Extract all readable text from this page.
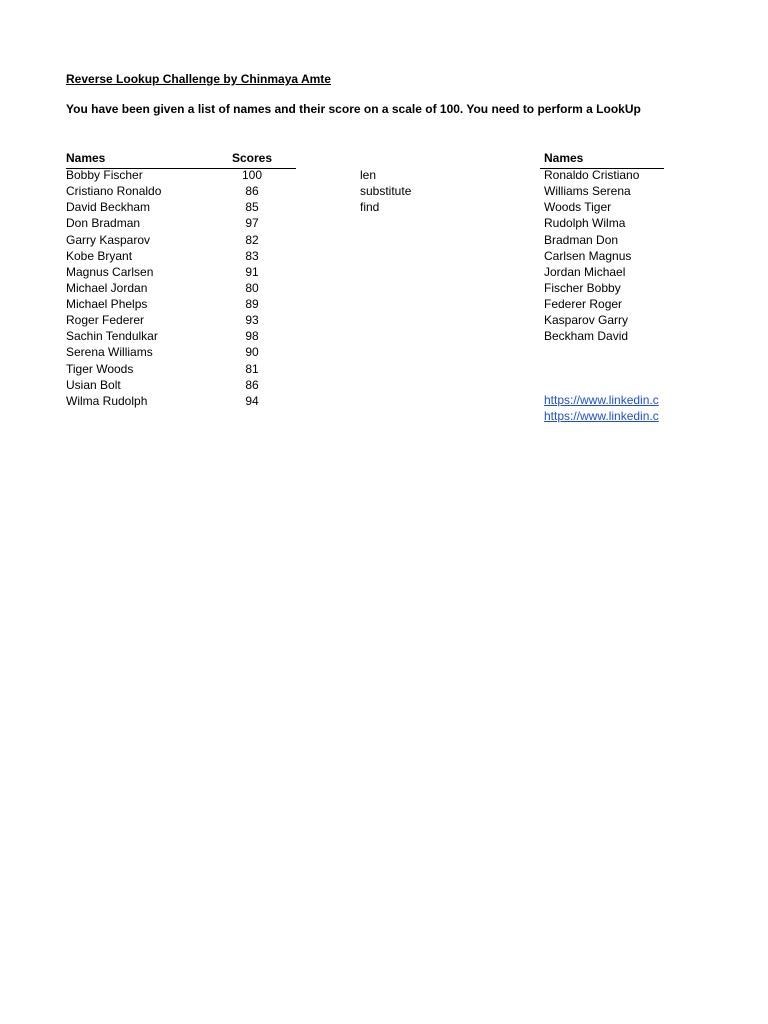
Reverse Lookup Challenge by Chinmaya Amte
You have been given a list of names and their score on a scale of 100. You need to perform a LookUp
Names	Scores	Names
Bobby Fischer
Cristiano Ronaldo
David Beckham
Don Bradman
Garry Kasparov
Kobe Bryant
Magnus Carlsen
Michael Jordan
Michael Phelps
Roger Federer
Sachin Tendulkar
Serena Williams
Tiger Woods
Usian Bolt
Wilma Rudolph
100
86
85
97
82
83
91
80
89
93
98
90
81
86
94
len
substitute
find
Ronaldo Cristiano
Williams Serena
Woods Tiger
Rudolph Wilma
Bradman Don
Carlsen Magnus
Jordan Michael
Fischer Bobby
Federer Roger
Kasparov Garry
Beckham David
https://www.linkedin.c
https://www.linkedin.c
